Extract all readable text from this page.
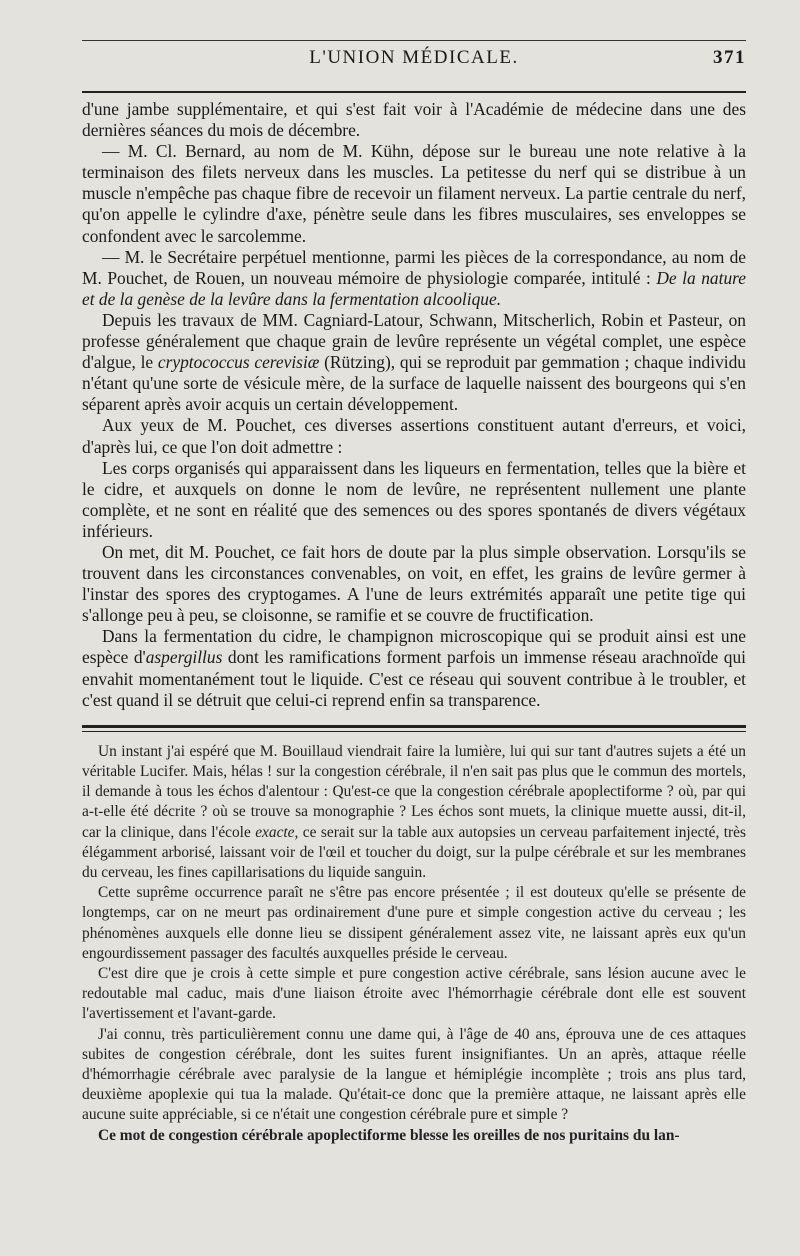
L'UNION MÉDICALE.	371

d'une jambe supplémentaire, et qui s'est fait voir à l'Académie de médecine dans une des dernières séances du mois de décembre.

— M. Cl. Bernard, au nom de M. Kühn, dépose sur le bureau une note relative à la terminaison des filets nerveux dans les muscles. La petitesse du nerf qui se distribue à un muscle n'empêche pas chaque fibre de recevoir un filament nerveux. La partie centrale du nerf, qu'on appelle le cylindre d'axe, pénètre seule dans les fibres musculaires, ses enveloppes se confondent avec le sarcolemme.

— M. le Secrétaire perpétuel mentionne, parmi les pièces de la correspondance, au nom de M. Pouchet, de Rouen, un nouveau mémoire de physiologie comparée, intitulé : De la nature et de la genèse de la levûre dans la fermentation alcoolique.

Depuis les travaux de MM. Cagniard-Latour, Schwann, Mitscherlich, Robin et Pasteur, on professe généralement que chaque grain de levûre représente un végétal complet, une espèce d'algue, le cryptococcus cerevisiæ (Rützing), qui se reproduit par gemmation ; chaque individu n'étant qu'une sorte de vésicule mère, de la surface de laquelle naissent des bourgeons qui s'en séparent après avoir acquis un certain développement.

Aux yeux de M. Pouchet, ces diverses assertions constituent autant d'erreurs, et voici, d'après lui, ce que l'on doit admettre :

Les corps organisés qui apparaissent dans les liqueurs en fermentation, telles que la bière et le cidre, et auxquels on donne le nom de levûre, ne représentent nullement une plante complète, et ne sont en réalité que des semences ou des spores spontanés de divers végétaux inférieurs.

On met, dit M. Pouchet, ce fait hors de doute par la plus simple observation. Lorsqu'ils se trouvent dans les circonstances convenables, on voit, en effet, les grains de levûre germer à l'instar des spores des cryptogames. A l'une de leurs extrémités apparaît une petite tige qui s'allonge peu à peu, se cloisonne, se ramifie et se couvre de fructification.

Dans la fermentation du cidre, le champignon microscopique qui se produit ainsi est une espèce d'aspergillus dont les ramifications forment parfois un immense réseau arachnoïde qui envahit momentanément tout le liquide. C'est ce réseau qui souvent contribue à le troubler, et c'est quand il se détruit que celui-ci reprend enfin sa transparence.

Un instant j'ai espéré que M. Bouillaud viendrait faire la lumière, lui qui sur tant d'autres sujets a été un véritable Lucifer. Mais, hélas ! sur la congestion cérébrale, il n'en sait pas plus que le commun des mortels, il demande à tous les échos d'alentour : Qu'est-ce que la congestion cérébrale apoplectiforme ? où, par qui a-t-elle été décrite ? où se trouve sa monographie ? Les échos sont muets, la clinique muette aussi, dit-il, car la clinique, dans l'école exacte, ce serait sur la table aux autopsies un cerveau parfaitement injecté, très élégamment arborisé, laissant voir de l'œil et toucher du doigt, sur la pulpe cérébrale et sur les membranes du cerveau, les fines capillarisations du liquide sanguin.

Cette suprême occurrence paraît ne s'être pas encore présentée ; il est douteux qu'elle se présente de longtemps, car on ne meurt pas ordinairement d'une pure et simple congestion active du cerveau ; les phénomènes auxquels elle donne lieu se dissipent généralement assez vite, ne laissant après eux qu'un engourdissement passager des facultés auxquelles préside le cerveau.

C'est dire que je crois à cette simple et pure congestion active cérébrale, sans lésion aucune avec le redoutable mal caduc, mais d'une liaison étroite avec l'hémorrhagie cérébrale dont elle est souvent l'avertissement et l'avant-garde.

J'ai connu, très particulièrement connu une dame qui, à l'âge de 40 ans, éprouva une de ces attaques subites de congestion cérébrale, dont les suites furent insignifiantes. Un an après, attaque réelle d'hémorrhagie cérébrale avec paralysie de la langue et hémiplégie incomplète ; trois ans plus tard, deuxième apoplexie qui tua la malade. Qu'était-ce donc que la première attaque, ne laissant après elle aucune suite appréciable, si ce n'était une congestion cérébrale pure et simple ?

Ce mot de congestion cérébrale apoplectiforme blesse les oreilles de nos puritains du lan-
